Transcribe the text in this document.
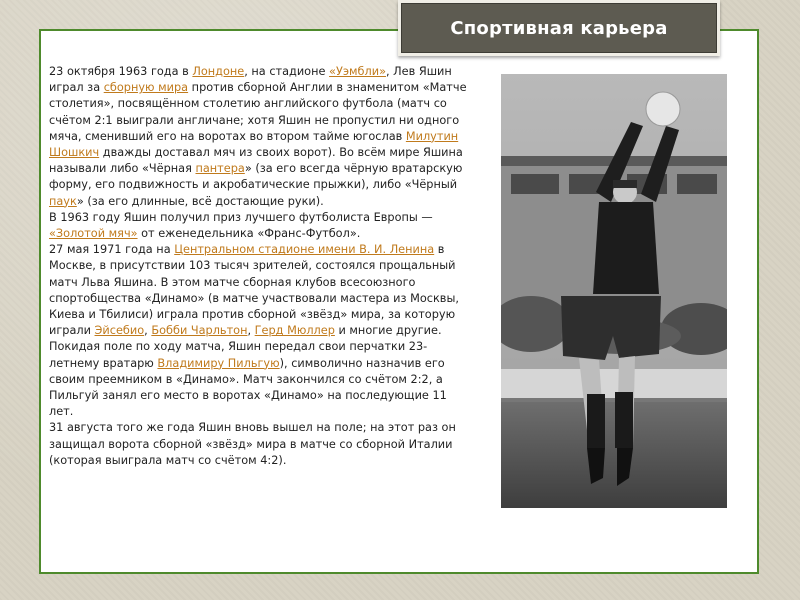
Спортивная карьера
23 октября 1963 года в Лондоне, на стадионе «Уэмбли», Лев Яшин играл за сборную мира против сборной Англии в знаменитом «Матче столетия», посвящённом столетию английского футбола (матч со счётом 2:1 выиграли англичане; хотя Яшин не пропустил ни одного мяча, сменивший его на воротах во втором тайме югослав Милутин Шошкич дважды доставал мяч из своих ворот). Во всём мире Яшина называли либо «Чёрная пантера» (за его всегда чёрную вратарскую форму, его подвижность и акробатические прыжки), либо «Чёрный паук» (за его длинные, всё достающие руки).
В 1963 году Яшин получил приз лучшего футболиста Европы — «Золотой мяч» от еженедельника «Франс-Футбол».
27 мая 1971 года на Центральном стадионе имени В. И. Ленина в Москве, в присутствии 103 тысяч зрителей, состоялся прощальный матч Льва Яшина. В этом матче сборная клубов всесоюзного спортобщества «Динамо» (в матче участвовали мастера из Москвы, Киева и Тбилиси) играла против сборной «звёзд» мира, за которую играли Эйсебио, Бобби Чарльтон, Герд Мюллер и многие другие. Покидая поле по ходу матча, Яшин передал свои перчатки 23-летнему вратарю Владимиру Пильгую), символично назначив его своим преемником в «Динамо». Матч закончился со счётом 2:2, а Пильгуй занял его место в воротах «Динамо» на последующие 11 лет.
31 августа того же года Яшин вновь вышел на поле; на этот раз он защищал ворота сборной «звёзд» мира в матче со сборной Италии (которая выиграла матч со счётом 4:2).
